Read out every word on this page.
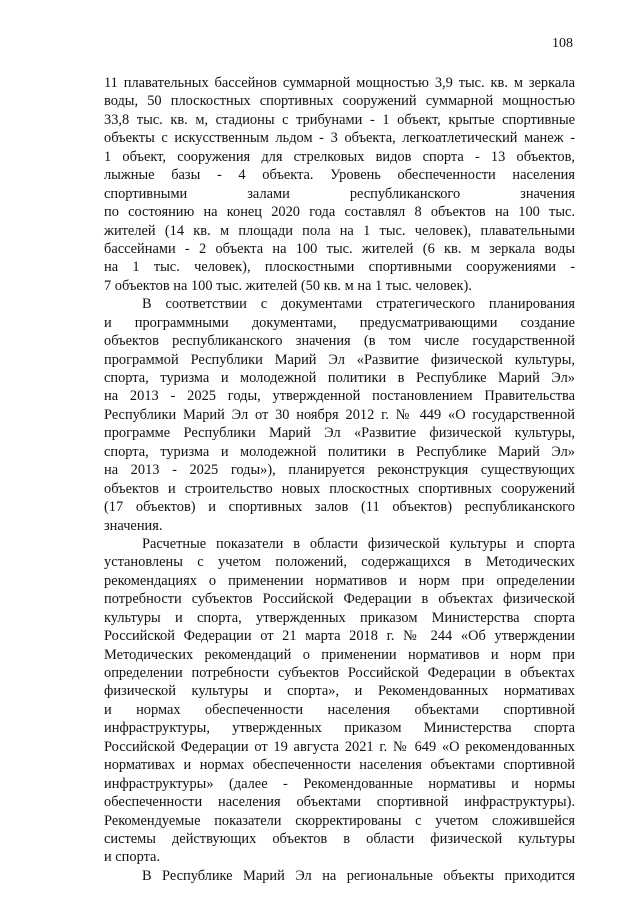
108
11 плавательных бассейнов суммарной мощностью 3,9 тыс. кв. м зеркала
воды, 50 плоскостных спортивных сооружений суммарной мощностью
33,8 тыс. кв. м, стадионы с трибунами - 1 объект, крытые спортивные
объекты с искусственным льдом - 3 объекта, легкоатлетический манеж -
1 объект, сооружения для стрелковых видов спорта - 13 объектов,
лыжные базы - 4 объекта. Уровень обеспеченности населения
спортивными залами республиканского значения
по состоянию на конец 2020 года составлял 8 объектов на 100 тыс.
жителей (14 кв. м площади пола на 1 тыс. человек), плавательными
бассейнами - 2 объекта на 100 тыс. жителей (6 кв. м зеркала воды
на 1 тыс. человек), плоскостными спортивными сооружениями -
7 объектов на 100 тыс. жителей (50 кв. м на 1 тыс. человек).
В соответствии с документами стратегического планирования
и программными документами, предусматривающими создание
объектов республиканского значения (в том числе государственной
программой Республики Марий Эл «Развитие физической культуры,
спорта, туризма и молодежной политики в Республике Марий Эл»
на 2013 - 2025 годы, утвержденной постановлением Правительства
Республики Марий Эл от 30 ноября 2012 г. № 449 «О государственной
программе Республики Марий Эл «Развитие физической культуры,
спорта, туризма и молодежной политики в Республике Марий Эл»
на 2013 - 2025 годы»), планируется реконструкция существующих
объектов и строительство новых плоскостных спортивных сооружений
(17 объектов) и спортивных залов (11 объектов) республиканского
значения.
Расчетные показатели в области физической культуры и спорта
установлены с учетом положений, содержащихся в Методических
рекомендациях о применении нормативов и норм при определении
потребности субъектов Российской Федерации в объектах физической
культуры и спорта, утвержденных приказом Министерства спорта
Российской Федерации от 21 марта 2018 г. № 244 «Об утверждении
Методических рекомендаций о применении нормативов и норм при
определении потребности субъектов Российской Федерации в объектах
физической культуры и спорта», и Рекомендованных нормативах
и нормах обеспеченности населения объектами спортивной
инфраструктуры, утвержденных приказом Министерства спорта
Российской Федерации от 19 августа 2021 г. № 649 «О рекомендованных
нормативах и нормах обеспеченности населения объектами спортивной
инфраструктуры» (далее - Рекомендованные нормативы и нормы
обеспеченности населения объектами спортивной инфраструктуры).
Рекомендуемые показатели скорректированы с учетом сложившейся
системы действующих объектов в области физической культуры
и спорта.
В Республике Марий Эл на региональные объекты приходится
